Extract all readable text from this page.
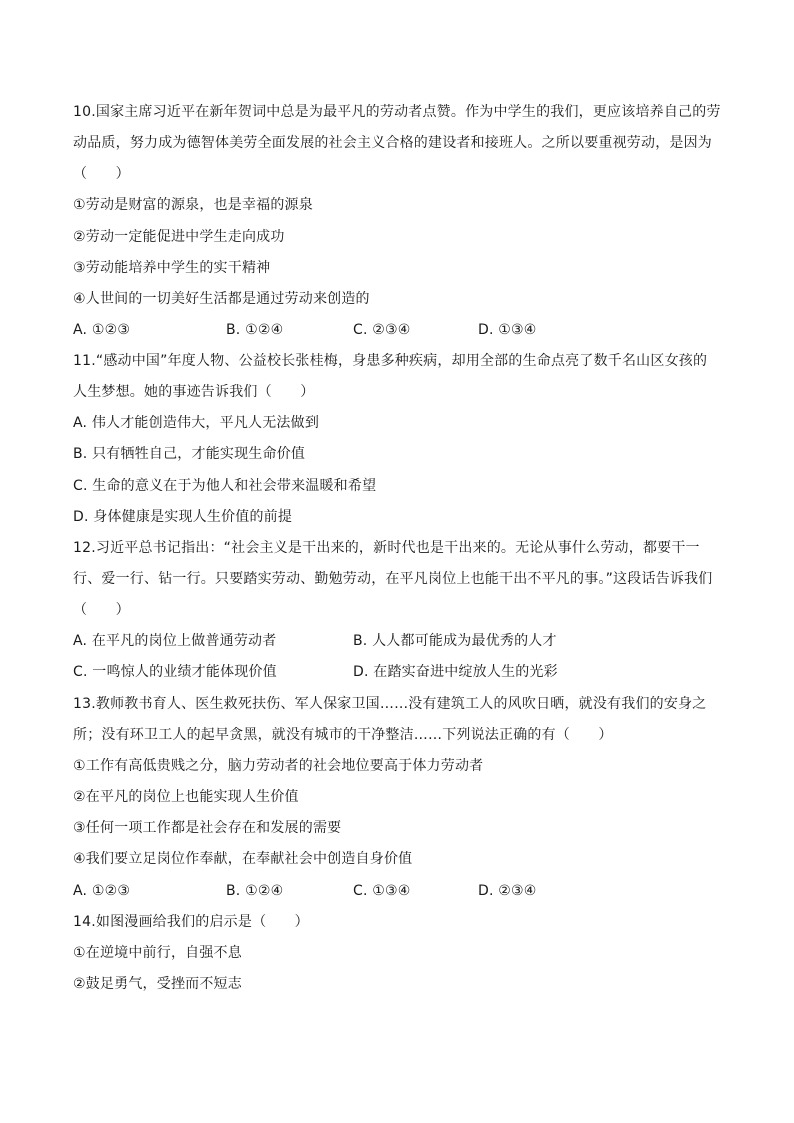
10.国家主席习近平在新年贺词中总是为最平凡的劳动者点赞。作为中学生的我们，更应该培养自己的劳
动品质，努力成为德智体美劳全面发展的社会主义合格的建设者和接班人。之所以要重视劳动，是因为
（　　）
①劳动是财富的源泉，也是幸福的源泉
②劳动一定能促进中学生走向成功
③劳动能培养中学生的实干精神
④人世间的一切美好生活都是通过劳动来创造的
A. ①②③	B. ①②④	C. ②③④	D. ①③④
11.“感动中国”年度人物、公益校长张桂梅，身患多种疾病，却用全部的生命点亮了数千名山区女孩的
人生梦想。她的事迹告诉我们（　　）
A. 伟人才能创造伟大，平凡人无法做到
B. 只有牺牲自己，才能实现生命价值
C. 生命的意义在于为他人和社会带来温暖和希望
D. 身体健康是实现人生价值的前提
12.习近平总书记指出：“社会主义是干出来的，新时代也是干出来的。无论从事什么劳动，都要干一
行、爱一行、钻一行。只要踏实劳动、勤勉劳动，在平凡岗位上也能干出不平凡的事。”这段话告诉我们
（　　）
A. 在平凡的岗位上做普通劳动者	B. 人人都可能成为最优秀的人才
C. 一鸣惊人的业绩才能体现价值	D. 在踏实奋进中绽放人生的光彩
13.教师教书育人、医生救死扶伤、军人保家卫国……没有建筑工人的风吹日晒，就没有我们的安身之
所；没有环卫工人的起早贪黑，就没有城市的干净整洁……下列说法正确的有（　　）
①工作有高低贵贱之分，脑力劳动者的社会地位要高于体力劳动者
②在平凡的岗位上也能实现人生价值
③任何一项工作都是社会存在和发展的需要
④我们要立足岗位作奉献，在奉献社会中创造自身价值
A. ①②③	B. ①②④	C. ①③④	D. ②③④
14.如图漫画给我们的启示是（　　）
①在逆境中前行，自强不息
②鼓足勇气，受挫而不短志
